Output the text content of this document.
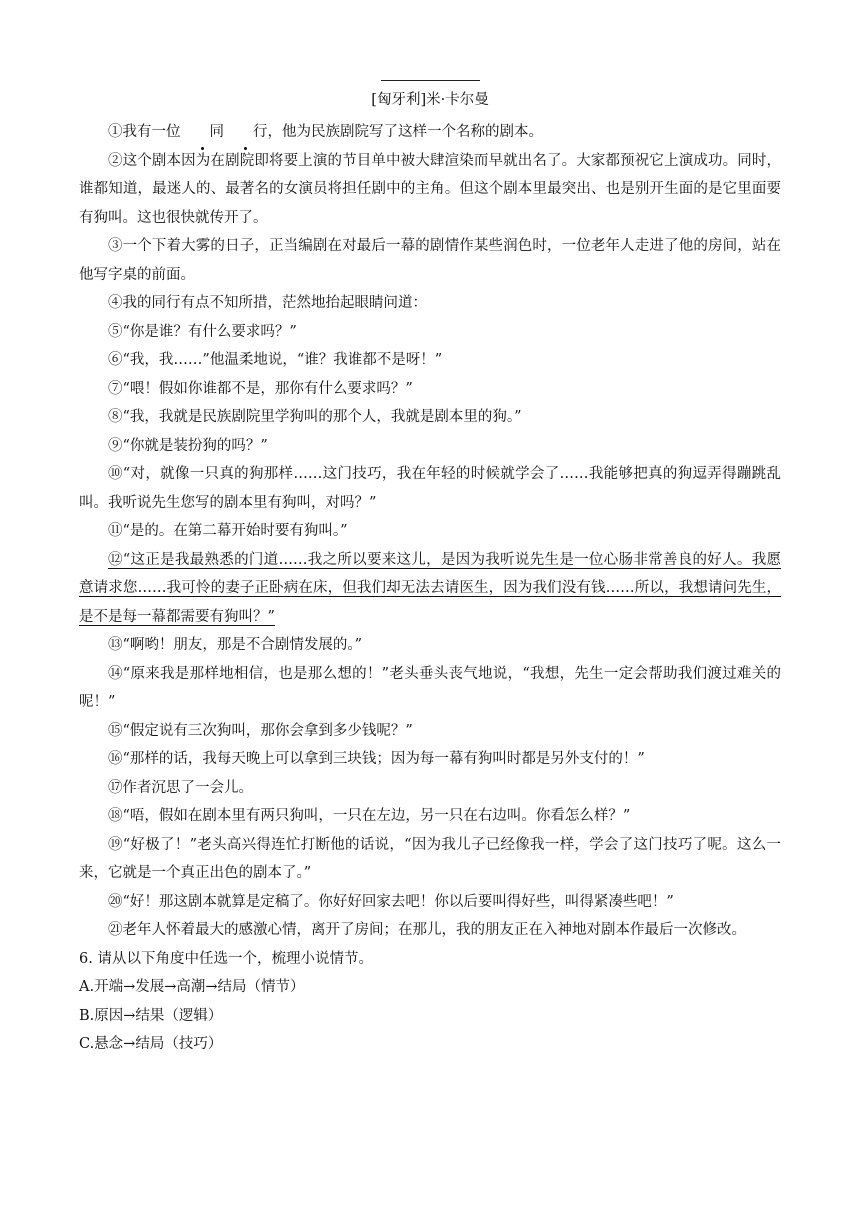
[匈牙利]米·卡尔曼

①我有一位 同 行，他为民族剧院写了这样一个名称的剧本。

②这个剧本因为在剧院即将要上演的节目单中被大肆渲染而早就出名了。大家都预祝它上演成功。同时，谁都知道，最迷人的、最著名的女演员将担任剧中的主角。但这个剧本里最突出、也是别开生面的是它里面要有狗叫。这也很快就传开了。

③一个下着大雾的日子，正当编剧在对最后一幕的剧情作某些润色时，一位老年人走进了他的房间，站在他写字桌的前面。

④我的同行有点不知所措，茫然地抬起眼睛问道：

⑤“你是谁？有什么要求吗？”

⑥“我，我……”他温柔地说，“谁？我谁都不是呀！”

⑦“喂！假如你谁都不是，那你有什么要求吗？”

⑧“我，我就是民族剧院里学狗叫的那个人，我就是剧本里的狗。”

⑨“你就是装扮狗的吗？”

⑩“对，就像一只真的狗那样……这门技巧，我在年轻的时候就学会了……我能够把真的狗逗弄得蹦跳乱叫。我听说先生您写的剧本里有狗叫，对吗？”

⑪“是的。在第二幕开始时要有狗叫。”

⑫“这正是我最熟悉的门道……我之所以要来这儿，是因为我听说先生是一位心肠非常善良的好人。我愿意请求您……我可怜的妻子正卧病在床，但我们却无法去请医生，因为我们没有钱……所以，我想请问先生，是不是每一幕都需要有狗叫？”

⑬“啊哟！朋友，那是不合剧情发展的。”

⑭“原来我是那样地相信，也是那么想的！”老头垂头丧气地说，“我想，先生一定会帮助我们渡过难关的呢！”

⑮“假定说有三次狗叫，那你会拿到多少钱呢？”

⑯“那样的话，我每天晚上可以拿到三块钱；因为每一幕有狗叫时都是另外支付的！”

⑰作者沉思了一会儿。

⑱“唔，假如在剧本里有两只狗叫，一只在左边，另一只在右边叫。你看怎么样？”

⑲“好极了！”老头高兴得连忙打断他的话说，“因为我儿子已经像我一样，学会了这门技巧了呢。这么一来，它就是一个真正出色的剧本了。”

⑳“好！那这剧本就算是定稿了。你好好回家去吧！你以后要叫得好些，叫得紧凑些吧！”

㉑老年人怀着最大的感激心情，离开了房间；在那儿，我的朋友正在入神地对剧本作最后一次修改。

6. 请从以下角度中任选一个，梳理小说情节。

A.开端→发展→高潮→结局（情节）

B.原因→结果（逻辑）

C.悬念→结局（技巧）
